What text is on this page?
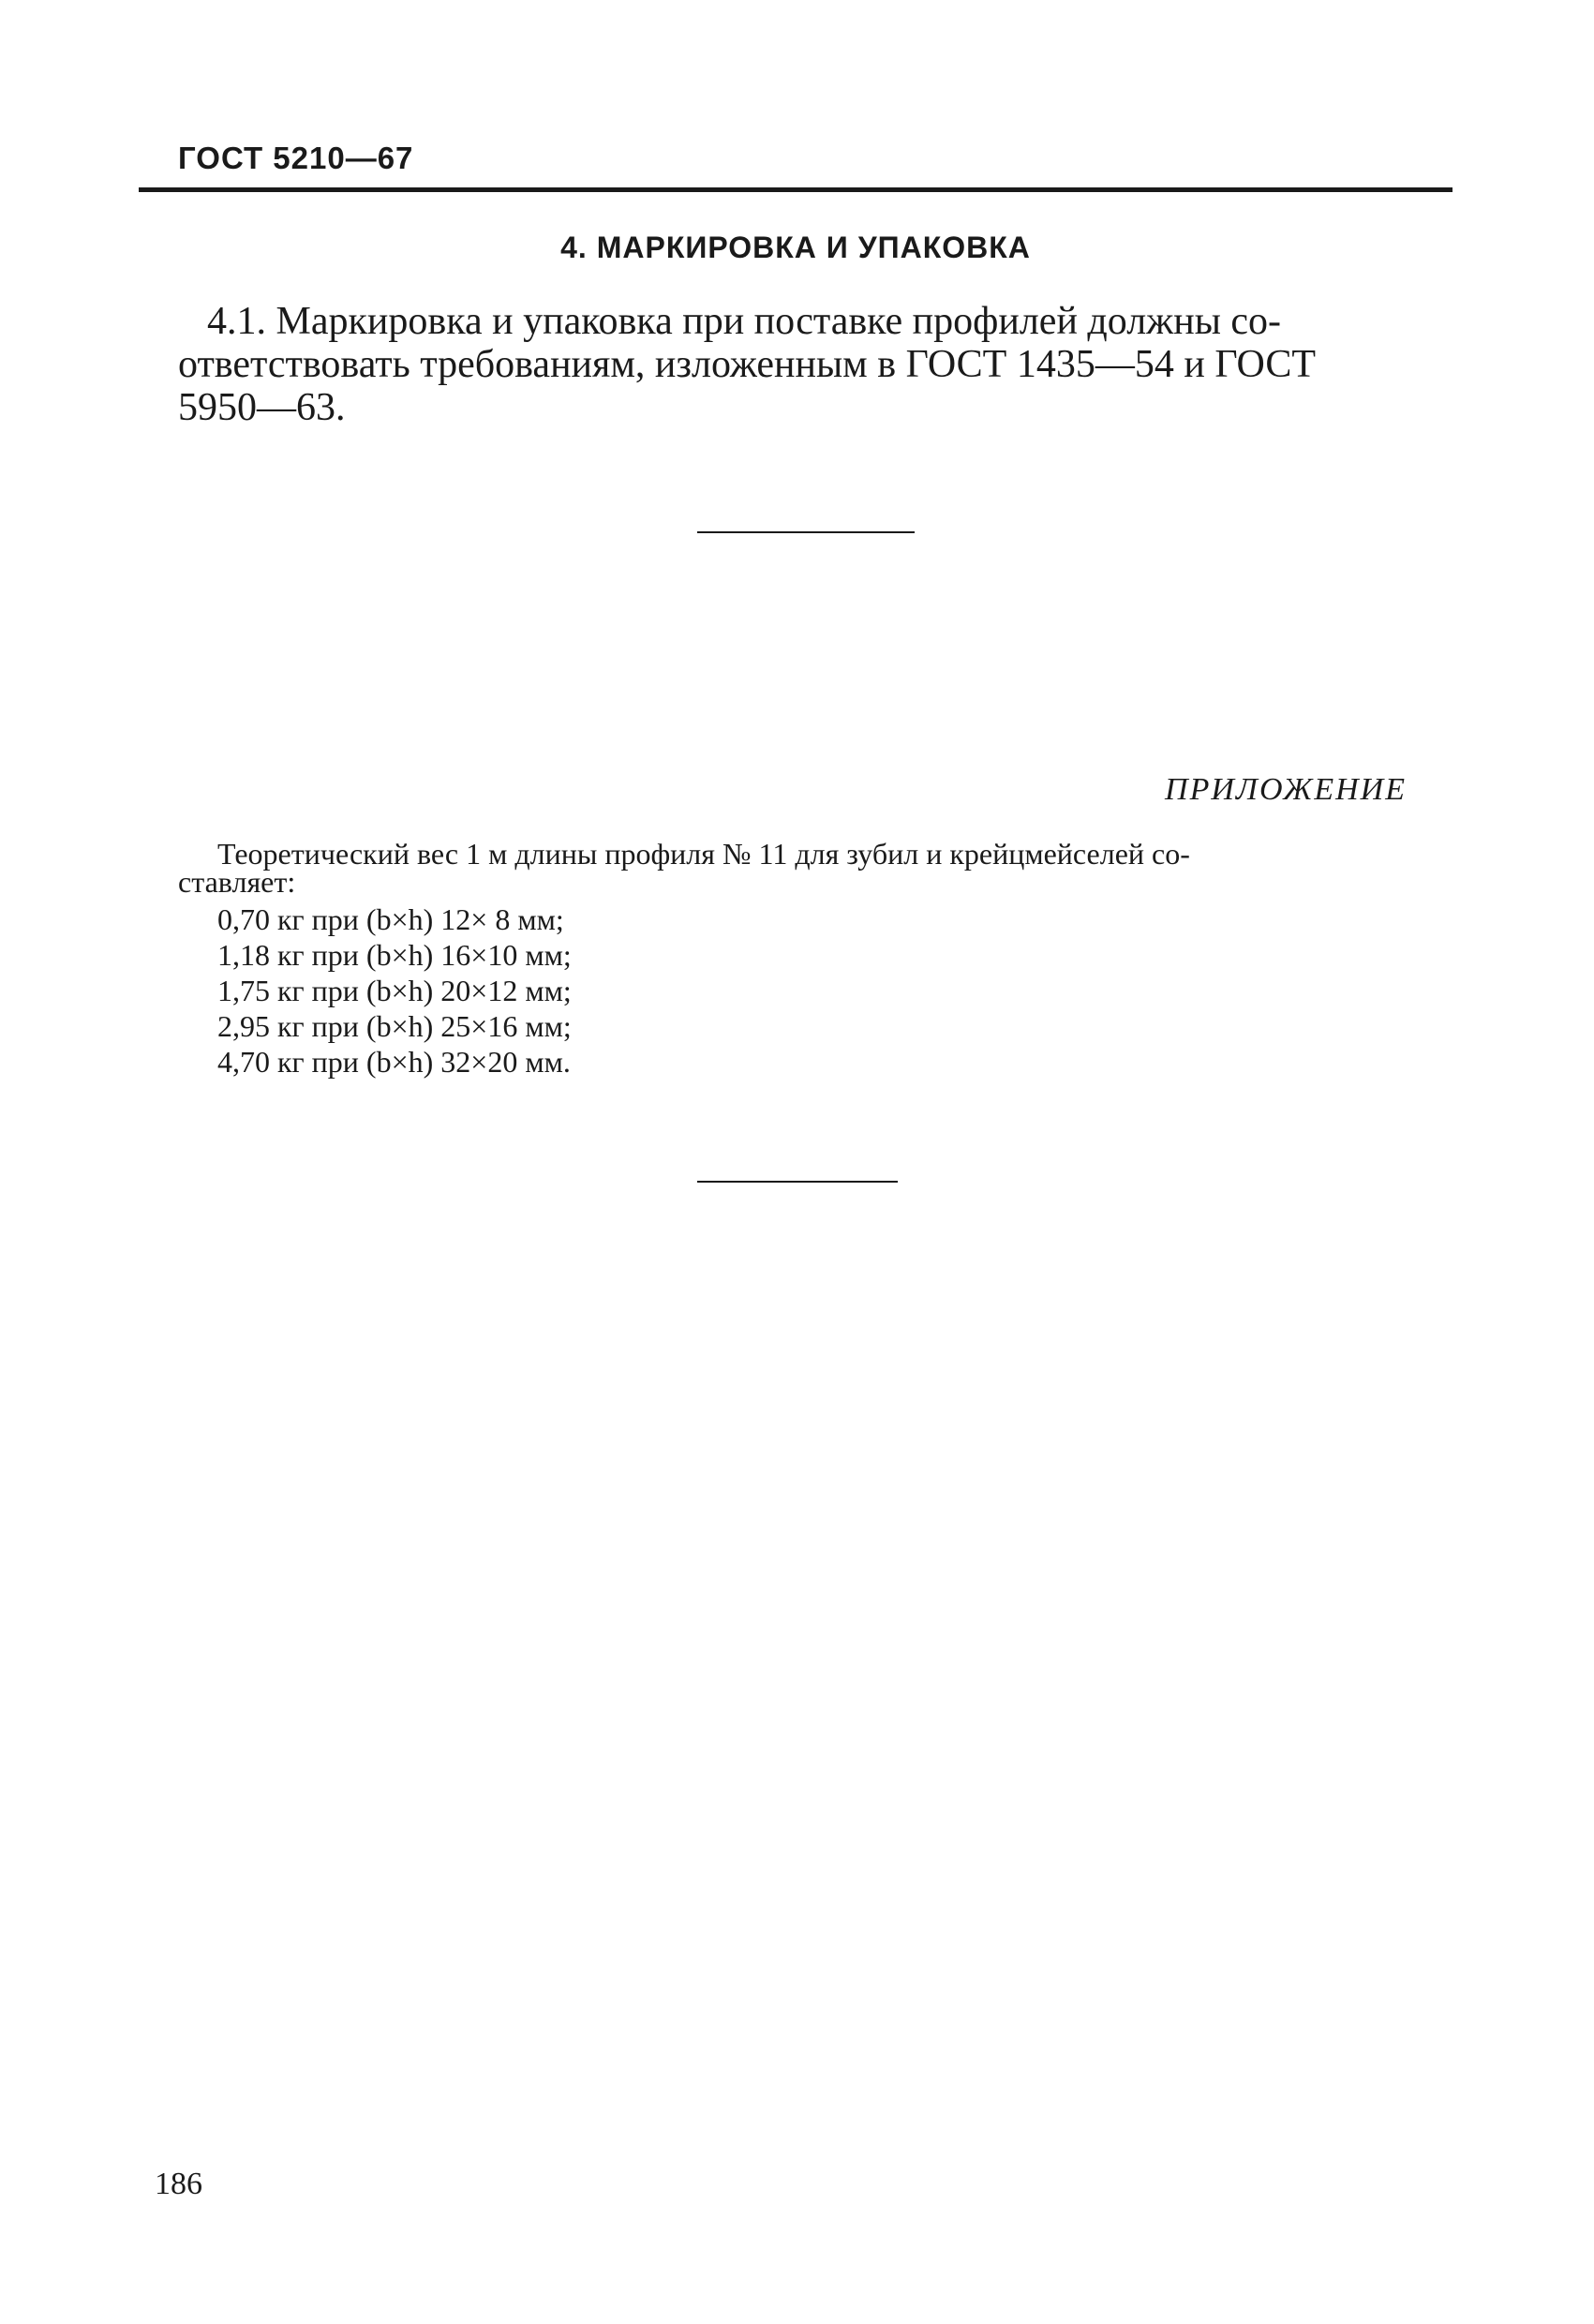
ГОСТ 5210—67
4. МАРКИРОВКА И УПАКОВКА
4.1. Маркировка и упаковка при поставке профилей должны со-
ответствовать требованиям, изложенным в ГОСТ 1435—54 и ГОСТ
5950—63.
ПРИЛОЖЕНИЕ
Теоретический вес 1 м длины профиля № 11 для зубил и крейцмейселей со-
ставляет:
0,70 кг при (b×h) 12× 8 мм;
1,18 кг при (b×h) 16×10 мм;
1,75 кг при (b×h) 20×12 мм;
2,95 кг при (b×h) 25×16 мм;
4,70 кг при (b×h) 32×20 мм.
186
